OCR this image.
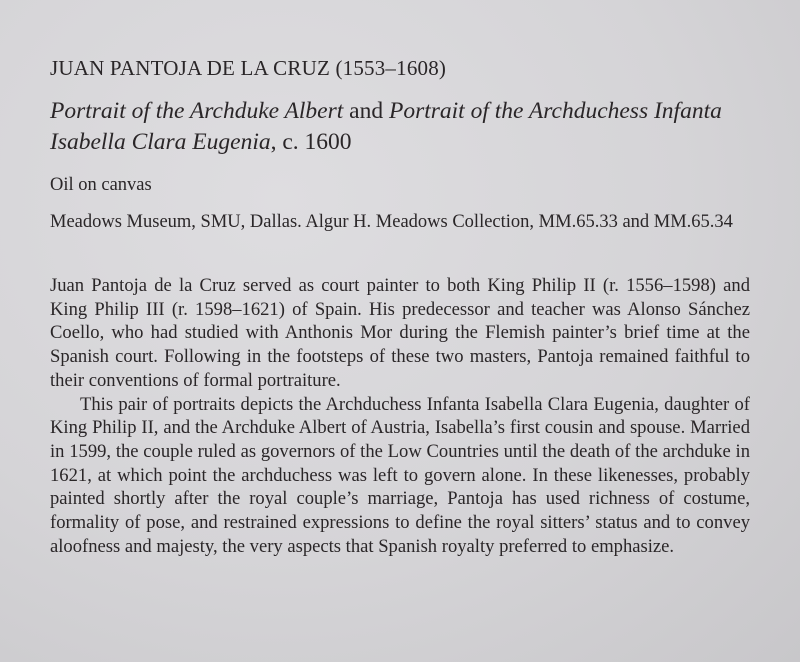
JUAN PANTOJA DE LA CRUZ (1553–1608)
Portrait of the Archduke Albert and Portrait of the Archduchess Infanta Isabella Clara Eugenia, c. 1600
Oil on canvas
Meadows Museum, SMU, Dallas. Algur H. Meadows Collection, MM.65.33 and MM.65.34

Juan Pantoja de la Cruz served as court painter to both King Philip II (r. 1556–1598) and King Philip III (r. 1598–1621) of Spain. His predecessor and teacher was Alonso Sánchez Coello, who had studied with Anthonis Mor during the Flemish painter’s brief time at the Spanish court. Following in the footsteps of these two masters, Pantoja remained faithful to their conventions of formal portraiture.

This pair of portraits depicts the Archduchess Infanta Isabella Clara Eugenia, daughter of King Philip II, and the Archduke Albert of Austria, Isabella’s first cousin and spouse. Married in 1599, the couple ruled as governors of the Low Countries until the death of the archduke in 1621, at which point the archduchess was left to govern alone. In these likenesses, probably painted shortly after the royal couple’s marriage, Pantoja has used richness of costume, formality of pose, and restrained expressions to define the royal sitters’ status and to convey aloofness and majesty, the very aspects that Spanish royalty preferred to emphasize.
